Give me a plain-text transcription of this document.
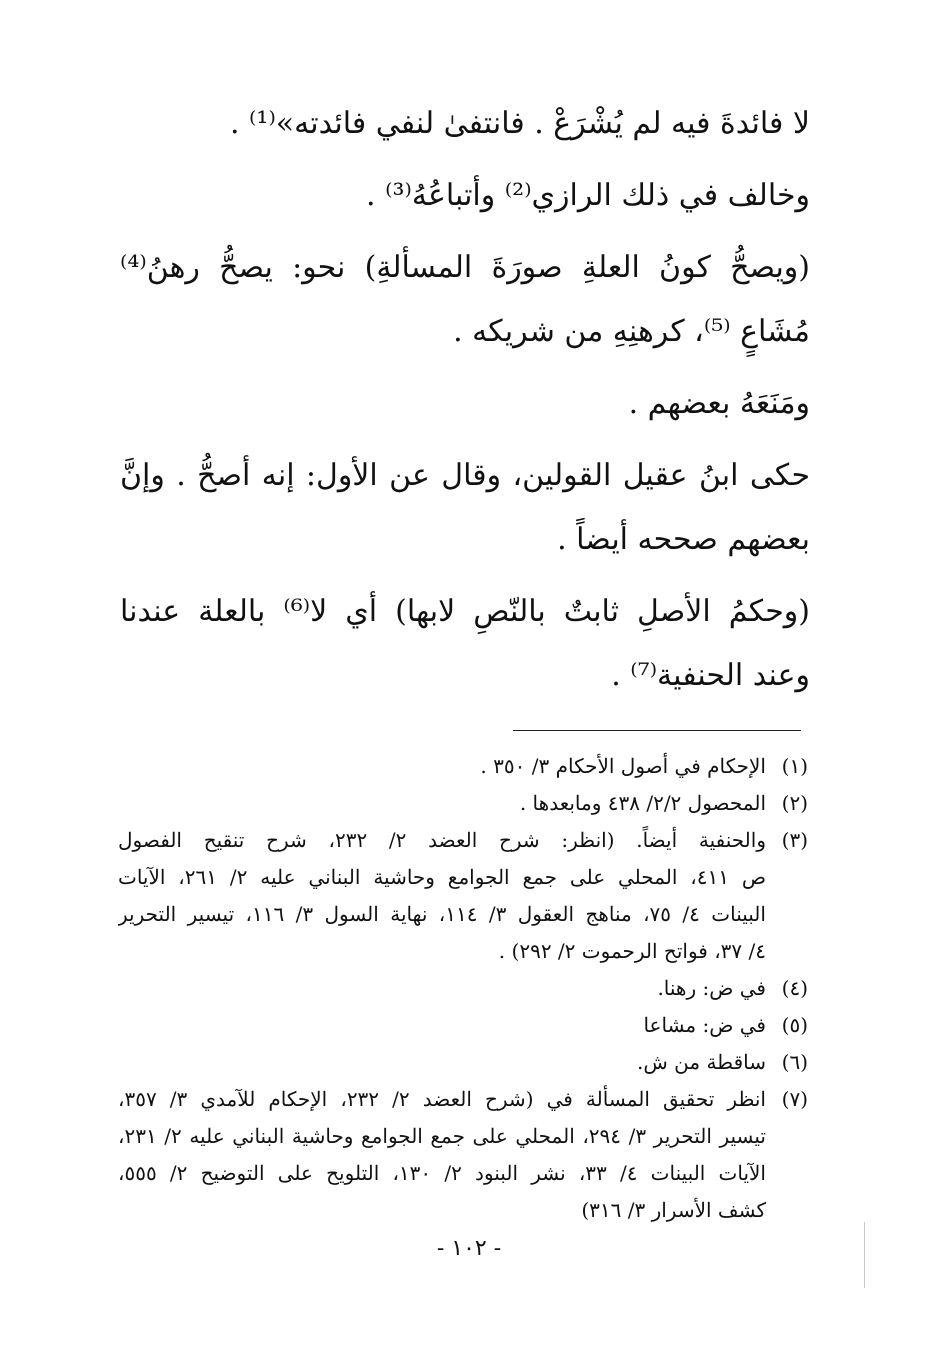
لا فائدةَ فيه لم يُشْرَعْ . فانتفىٰ لنفي فائدته»⁽¹⁾ .
وخالف في ذلك الرازي⁽²⁾ وأتباعُهُ⁽³⁾ .
(ويصحُّ كونُ العلةِ صورَةَ المسألةِ) نحو: يصحُّ رهنُ⁽⁴⁾
مُشَاعٍ ⁽⁵⁾، كرهنِهِ من شريكه .
ومَنَعَهُ بعضهم .
حكى ابنُ عقيل القولين، وقال عن الأول: إنه أصحُّ . وإنَّ
بعضهم صححه أيضاً .
(وحكمُ الأصلِ ثابتٌ بالنّصِ لابها) أي لا⁽⁶⁾ بالعلة عندنا
وعند الحنفية⁽⁷⁾ .
(١)
الإحكام في أصول الأحكام ٣/ ٣٥٠ .
(٢)
المحصول ٢/٢/ ٤٣٨ ومابعدها .
(٣)
والحنفية أيضاً. (انظر: شرح العضد ٢/ ٢٣٢، شرح تنقيح الفصول
ص ٤١١، المحلي على جمع الجوامع وحاشية البناني عليه ٢/ ٢٦١، الآيات
البينات ٤/ ٧٥، مناهج العقول ٣/ ١١٤، نهاية السول ٣/ ١١٦، تيسير التحرير
٤/ ٣٧، فواتح الرحموت ٢/ ٢٩٢) .
(٤)
في ض: رهنا.
(٥)
في ض: مشاعا
(٦)
ساقطة من ش.
(٧)
انظر تحقيق المسألة في (شرح العضد ٢/ ٢٣٢، الإحكام للآمدي ٣/ ٣٥٧،
تيسير التحرير ٣/ ٢٩٤، المحلي على جمع الجوامع وحاشية البناني عليه ٢/ ٢٣١،
الآيات البينات ٤/ ٣٣، نشر البنود ٢/ ١٣٠، التلويح على التوضيح ٢/ ٥٥٥،
كشف الأسرار ٣/ ٣١٦)
- ١٠٢ -
